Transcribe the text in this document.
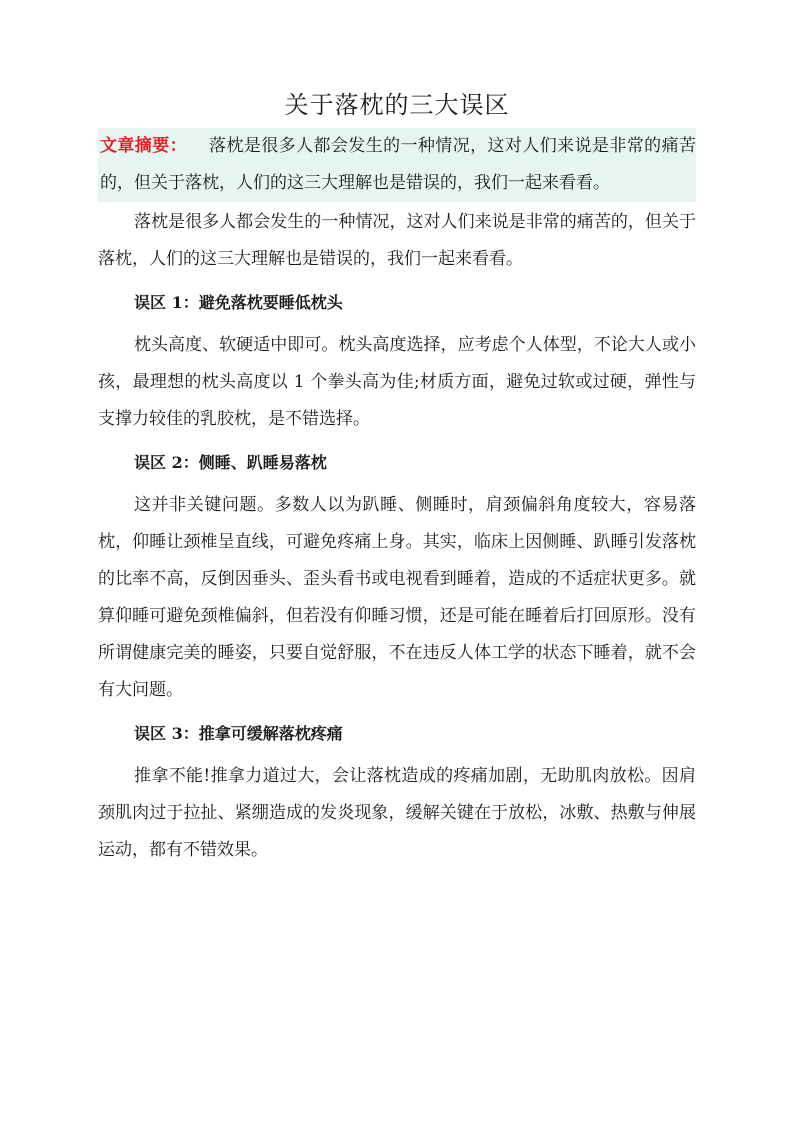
关于落枕的三大误区

文章摘要： 落枕是很多人都会发生的一种情况，这对人们来说是非常的痛苦的，但关于落枕，人们的这三大理解也是错误的，我们一起来看看。

落枕是很多人都会发生的一种情况，这对人们来说是非常的痛苦的，但关于落枕，人们的这三大理解也是错误的，我们一起来看看。

误区 1：避免落枕要睡低枕头

枕头高度、软硬适中即可。枕头高度选择，应考虑个人体型，不论大人或小孩，最理想的枕头高度以 1 个拳头高为佳;材质方面，避免过软或过硬，弹性与支撑力较佳的乳胶枕，是不错选择。

误区 2：侧睡、趴睡易落枕

这并非关键问题。多数人以为趴睡、侧睡时，肩颈偏斜角度较大，容易落枕，仰睡让颈椎呈直线，可避免疼痛上身。其实，临床上因侧睡、趴睡引发落枕的比率不高，反倒因垂头、歪头看书或电视看到睡着，造成的不适症状更多。就算仰睡可避免颈椎偏斜，但若没有仰睡习惯，还是可能在睡着后打回原形。没有所谓健康完美的睡姿，只要自觉舒服，不在违反人体工学的状态下睡着，就不会有大问题。

误区 3：推拿可缓解落枕疼痛

推拿不能!推拿力道过大，会让落枕造成的疼痛加剧，无助肌肉放松。因肩颈肌肉过于拉扯、紧绷造成的发炎现象，缓解关键在于放松，冰敷、热敷与伸展运动，都有不错效果。
